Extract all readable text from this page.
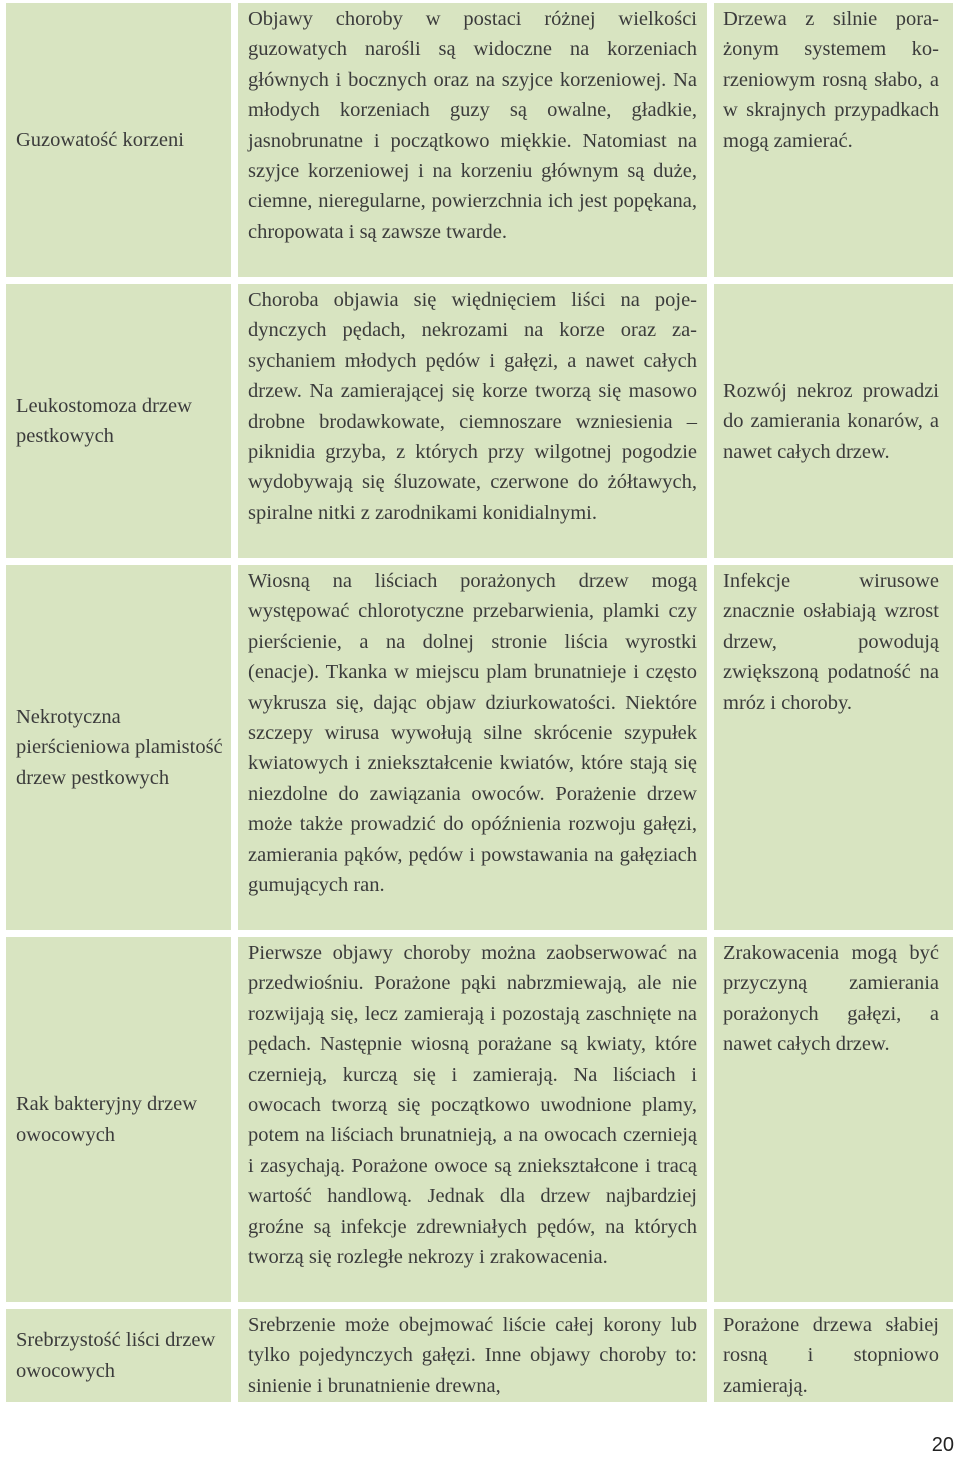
Guzowatość korzeni
Objawy choroby w postaci różnej wielkości guzowatych narośli są widoczne na korzeniach głównych i bocznych oraz na szyjce korzeniowej. Na młodych korzeniach guzy są owalne, gładkie, jasnobrunatne i początkowo miękkie. Natomiast na szyjce korzeniowej i na korzeniu głównym są duże, ciemne, nieregularne, powierzchnia ich jest popękana, chropowata i są zawsze twarde.
Drzewa z silnie porażonym systemem korzeniowym rosną słabo, a w skrajnych przypadkach mogą zamierać.
Leukostomoza drzew pestkowych
Choroba objawia się więdnięciem liści na pojedynczych pędach, nekrozami na korze oraz zasychaniem młodych pędów i gałęzi, a nawet całych drzew. Na zamierającej się korze tworzą się masowo drobne brodawkowate, ciemnoszare wzniesienia – piknidia grzyba, z których przy wilgotnej pogodzie wydobywają się śluzowate, czerwone do żółtawych, spiralne nitki z zarodnikami konidialnymi.
Rozwój nekroz prowadzi do zamierania konarów, a nawet całych drzew.
Nekrotyczna pierścieniowa plamistość drzew pestkowych
Wiosną na liściach porażonych drzew mogą występować chlorotyczne przebarwienia, plamki czy pierścienie, a na dolnej stronie liścia wyrostki (enacje). Tkanka w miejscu plam brunatnieje i często wykrusza się, dając objaw dziurkowatości. Niektóre szczepy wirusa wywołują silne skrócenie szypułek kwiatowych i zniekształcenie kwiatów, które stają się niezdolne do zawiązania owoców. Porażenie drzew może także prowadzić do opóźnienia rozwoju gałęzi, zamierania pąków, pędów i powstawania na gałęziach gumujących ran.
Infekcje wirusowe znacznie osłabiają wzrost drzew, powodują zwiększoną podatność na mróz i choroby.
Rak bakteryjny drzew owocowych
Pierwsze objawy choroby można zaobserwować na przedwiośniu. Porażone pąki nabrzmiewają, ale nie rozwijają się, lecz zamierają i pozostają zaschnięte na pędach. Następnie wiosną porażane są kwiaty, które czernieją, kurczą się i zamierają. Na liściach i owocach tworzą się początkowo uwodnione plamy, potem na liściach brunatnieją, a na owocach czernieją i zasychają. Porażone owoce są zniekształcone i tracą wartość handlową. Jednak dla drzew najbardziej groźne są infekcje zdrewniałych pędów, na których tworzą się rozległe nekrozy i zrakowacenia.
Zrakowacenia mogą być przyczyną zamierania porażonych gałęzi, a nawet całych drzew.
Srebrzystość liści drzew owocowych
Srebrzenie może obejmować liście całej korony lub tylko pojedynczych gałęzi. Inne objawy choroby to: sinienie i brunatnienie drewna,
Porażone drzewa słabiej rosną i stopniowo zamierają.
20
